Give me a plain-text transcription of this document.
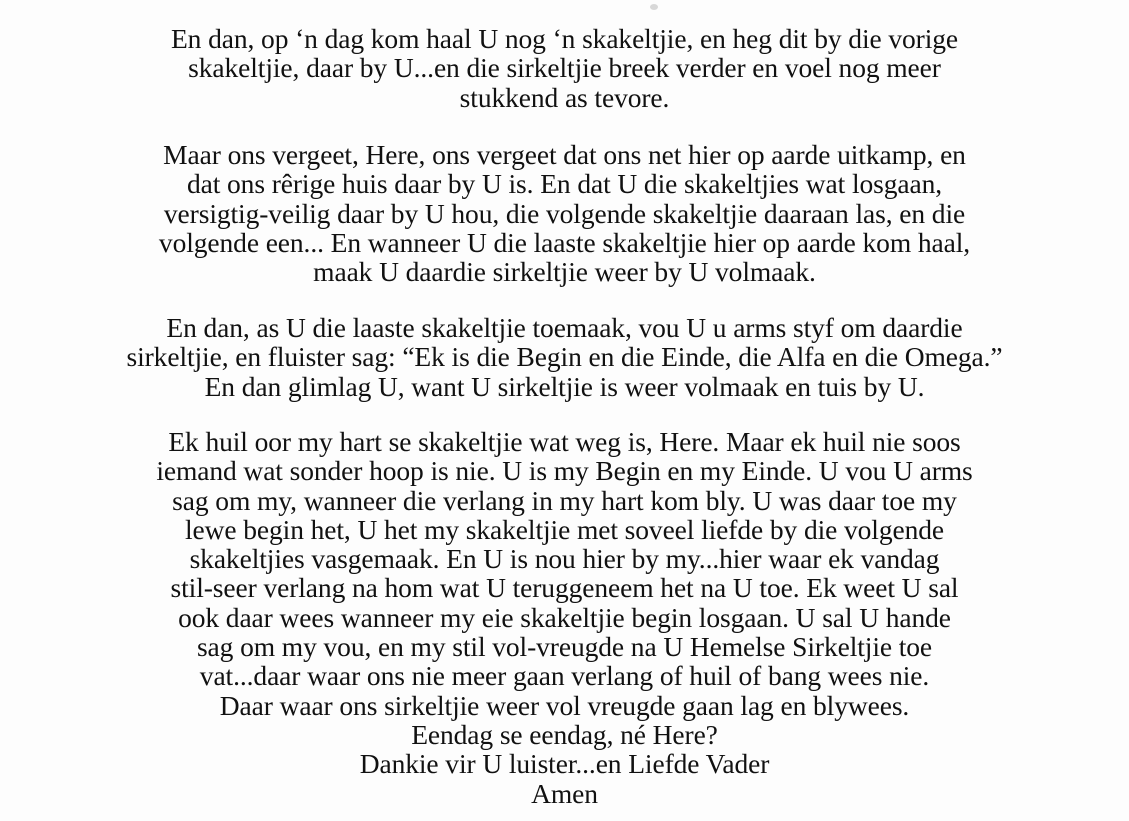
En dan, op ‘n dag kom haal U nog ‘n skakeltjie, en heg dit by die vorige
skakeltjie, daar by U...en die sirkeltjie breek verder en voel nog meer
stukkend as tevore.
Maar ons vergeet, Here, ons vergeet dat ons net hier op aarde uitkamp, en
dat ons rêrige huis daar by U is. En dat U die skakeltjies wat losgaan,
versigtig-veilig daar by U hou, die volgende skakeltjie daaraan las, en die
volgende een... En wanneer U die laaste skakeltjie hier op aarde kom haal,
maak U daardie sirkeltjie weer by U volmaak.
En dan, as U die laaste skakeltjie toemaak, vou U u arms styf om daardie
sirkeltjie, en fluister sag: “Ek is die Begin en die Einde, die Alfa en die Omega.”
En dan glimlag U, want U sirkeltjie is weer volmaak en tuis by U.
Ek huil oor my hart se skakeltjie wat weg is, Here. Maar ek huil nie soos
iemand wat sonder hoop is nie. U is my Begin en my Einde. U vou U arms
sag om my, wanneer die verlang in my hart kom bly. U was daar toe my
lewe begin het, U het my skakeltjie met soveel liefde by die volgende
skakeltjies vasgemaak. En U is nou hier by my...hier waar ek vandag
stil-seer verlang na hom wat U teruggeneem het na U toe. Ek weet U sal
ook daar wees wanneer my eie skakeltjie begin losgaan. U sal U hande
sag om my vou, en my stil vol-vreugde na U Hemelse Sirkeltjie toe
vat...daar waar ons nie meer gaan verlang of huil of bang wees nie.
Daar waar ons sirkeltjie weer vol vreugde gaan lag en blywees.
Eendag se eendag, né Here?
Dankie vir U luister...en Liefde Vader
Amen
